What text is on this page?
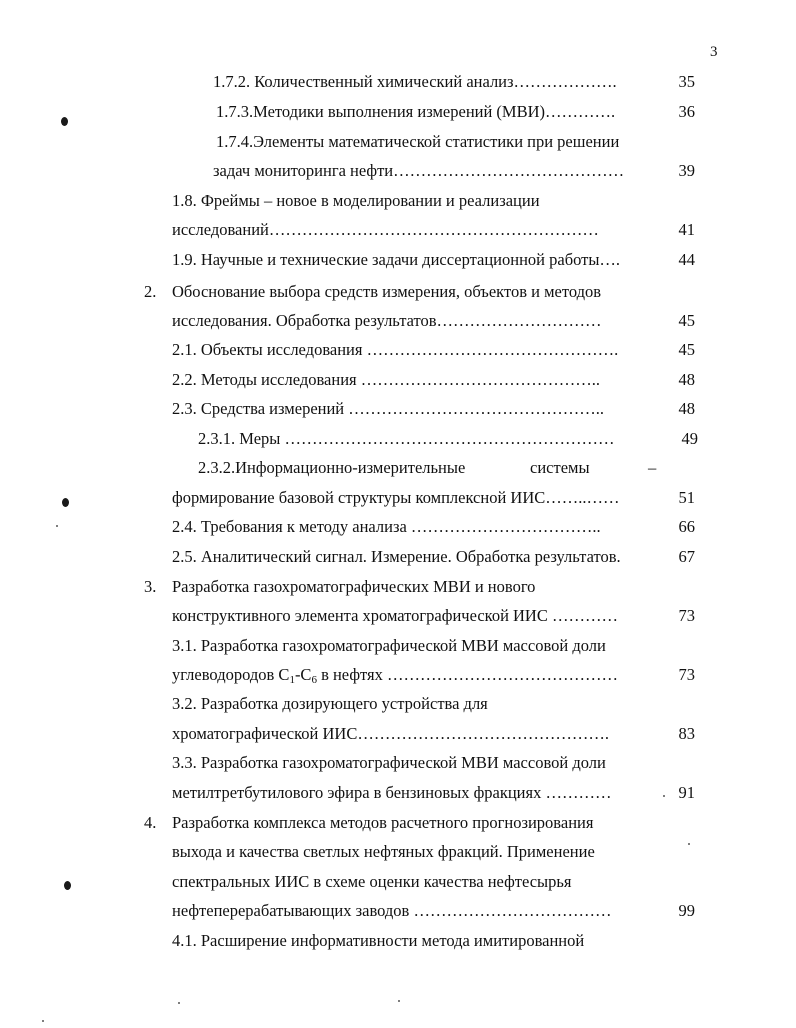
3
1.7.2. Количественный химический анализ……………….	35
1.7.3.Методики выполнения измерений (МВИ)………….	36
1.7.4.Элементы математической статистики при решении
задач мониторинга нефти……………………………………	39
1.8. Фреймы – новое в моделировании и реализации
исследований……………………………………………………	41
1.9. Научные и технические задачи диссертационной работы….	44
2. Обоснование выбора средств измерения, объектов и методов
исследования. Обработка результатов…………………………	45
2.1. Объекты исследования ……………………………………….	45
2.2. Методы исследования ……………………………………..	48
2.3. Средства измерений ………………………………………..	48
2.3.1. Меры ……………………………………………………	49
2.3.2.Информационно-измерительные	системы	–
формирование базовой структуры комплексной ИИС……..……	51
2.4. Требования к методу анализа ……………………………..	66
2.5. Аналитический сигнал. Измерение. Обработка результатов.	67
3. Разработка газохроматографических МВИ и нового
конструктивного элемента хроматографической ИИС …………	73
3.1. Разработка газохроматографической МВИ массовой доли
углеводородов $С_1-С_6$ в нефтях ……………………………………	73
3.2. Разработка дозирующего устройства для
хроматографической ИИС……………………………………….	83
3.3. Разработка газохроматографической МВИ массовой доли
метилтретбутилового эфира в бензиновых фракциях …………	91
4. Разработка комплекса методов расчетного прогнозирования
выхода и качества светлых нефтяных фракций. Применение
спектральных ИИС в схеме оценки качества нефтесырья
нефтеперерабатывающих заводов ………………………………	99
4.1. Расширение информативности метода имитированной
